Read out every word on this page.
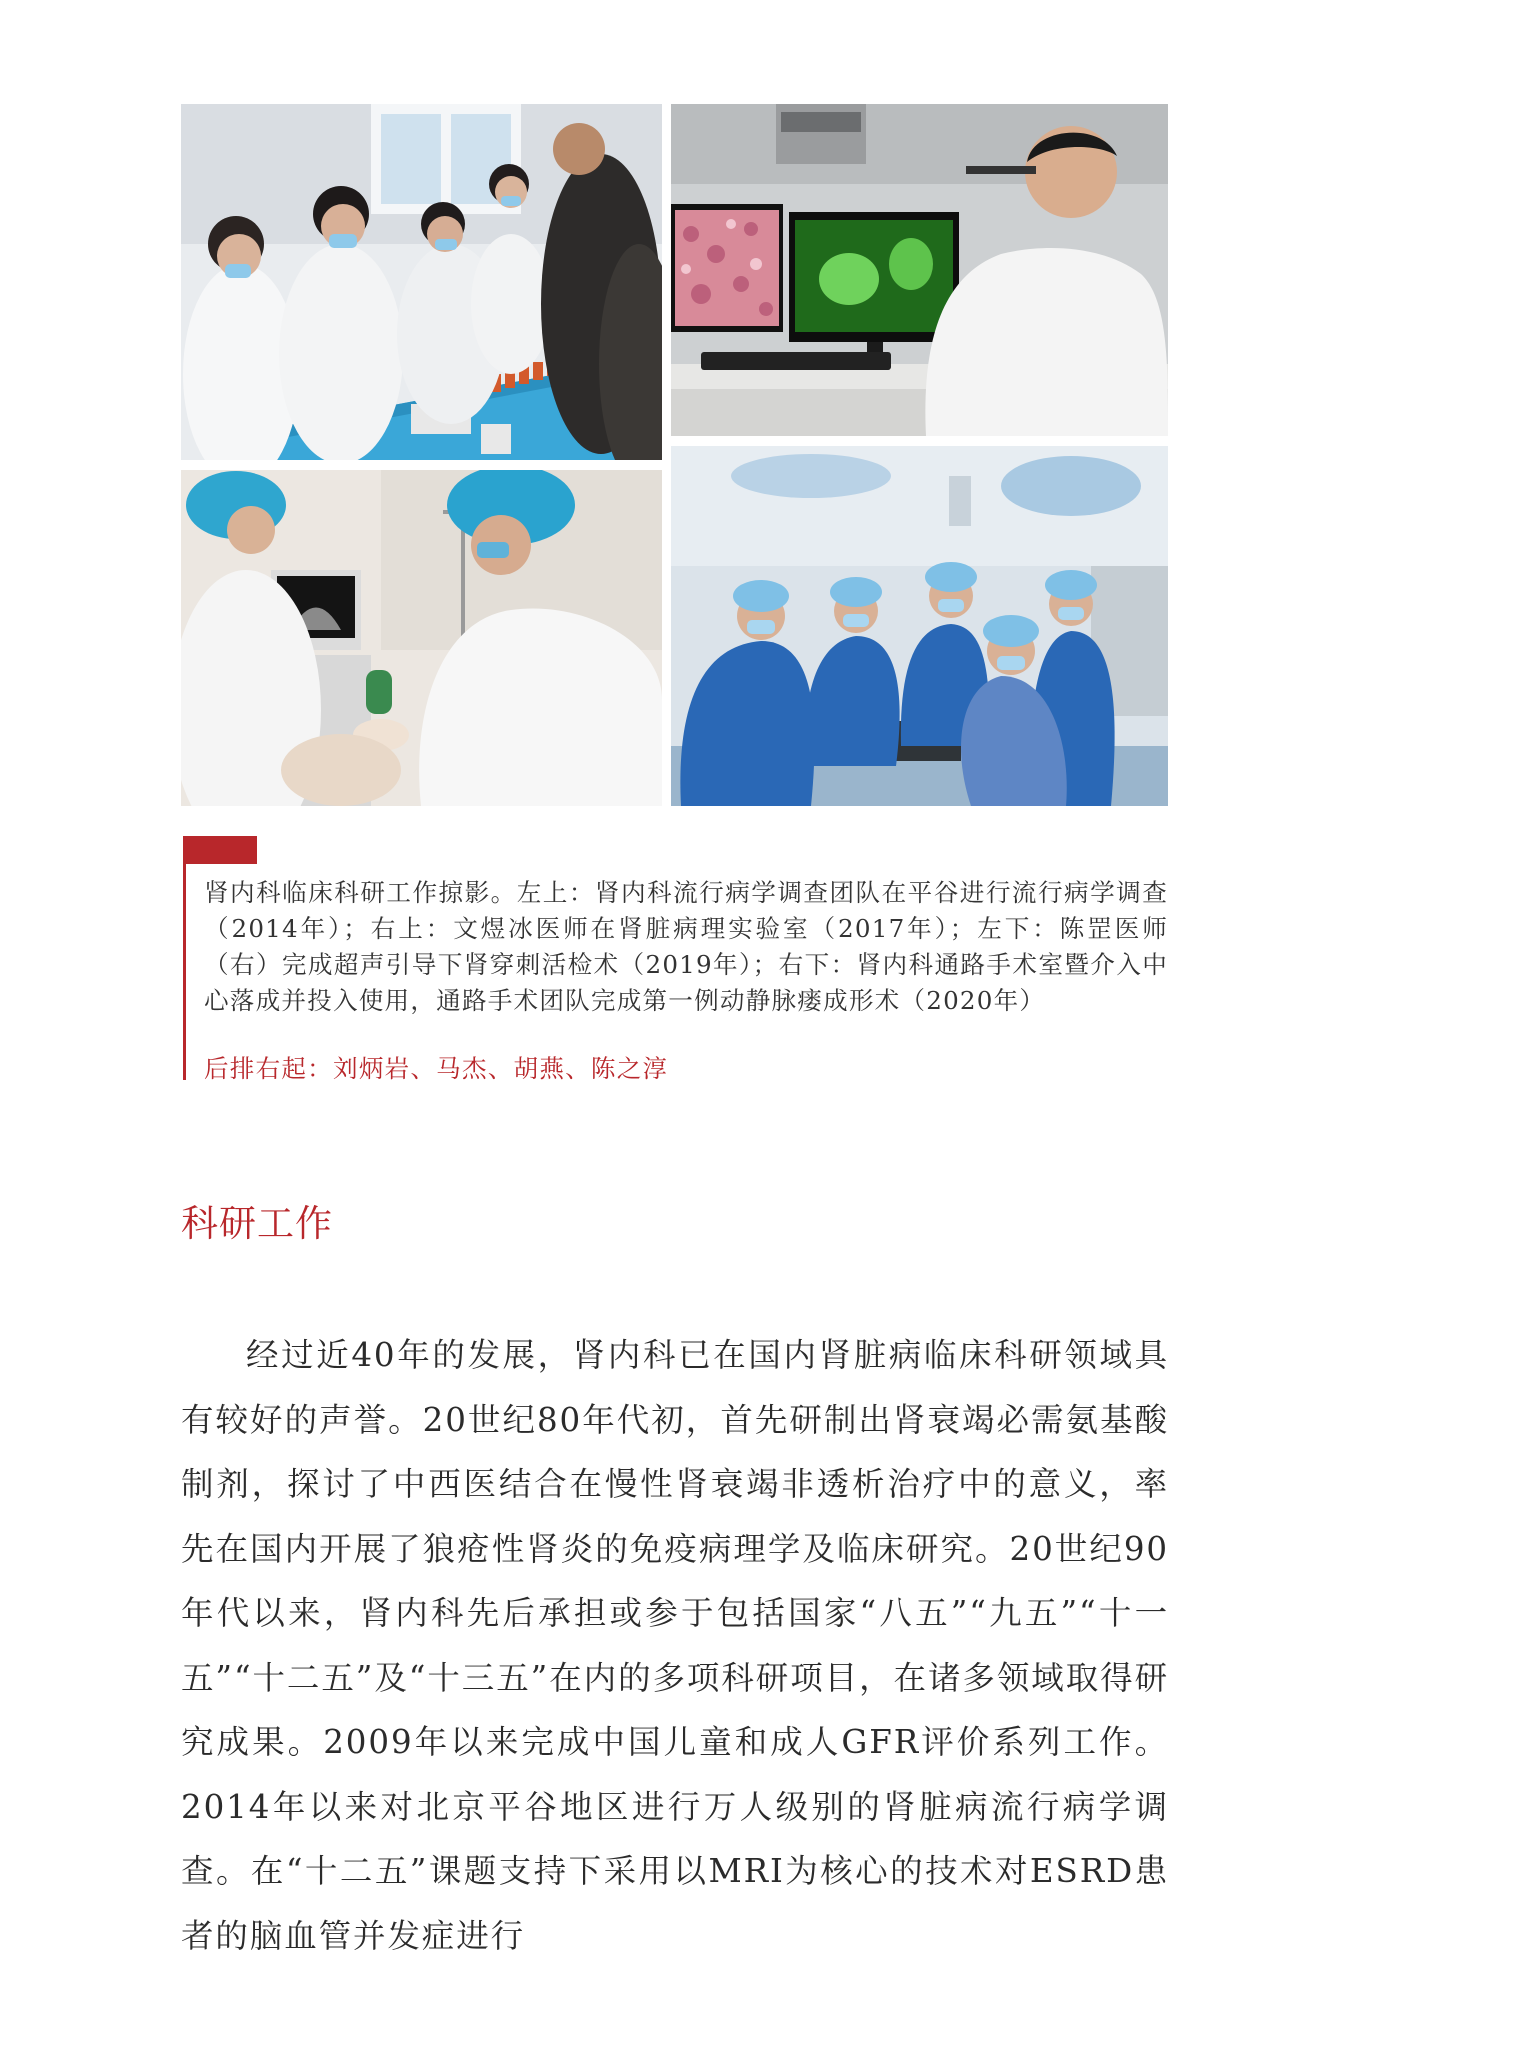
肾内科临床科研工作掠影。左上：肾内科流行病学调查团队在平谷进行流行病学调查（2014年）；右上：文煜冰医师在肾脏病理实验室（2017年）；左下：陈罡医师（右）完成超声引导下肾穿刺活检术（2019年）；右下：肾内科通路手术室暨介入中心落成并投入使用，通路手术团队完成第一例动静脉瘘成形术（2020年）
后排右起：刘炳岩、马杰、胡燕、陈之淳
科研工作
经过近40年的发展，肾内科已在国内肾脏病临床科研领域具有较好的声誉。20世纪80年代初，首先研制出肾衰竭必需氨基酸制剂，探讨了中西医结合在慢性肾衰竭非透析治疗中的意义，率先在国内开展了狼疮性肾炎的免疫病理学及临床研究。20世纪90年代以来，肾内科先后承担或参于包括国家“八五”“九五”“十一五”“十二五”及“十三五”在内的多项科研项目，在诸多领域取得研究成果。2009年以来完成中国儿童和成人GFR评价系列工作。2014年以来对北京平谷地区进行万人级别的肾脏病流行病学调查。在“十二五”课题支持下采用以MRI为核心的技术对ESRD患者的脑血管并发症进行
